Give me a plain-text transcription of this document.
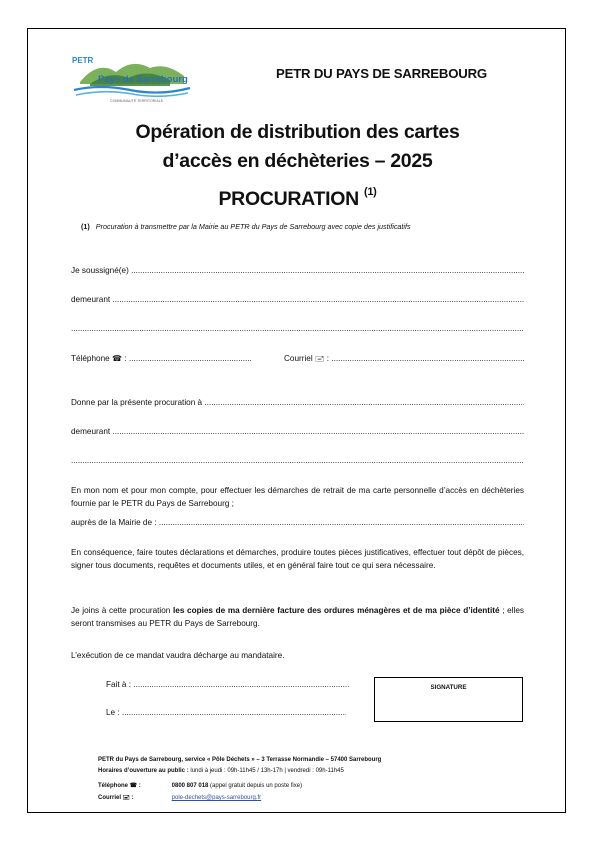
PETR
Pays de Sarrebourg
COMMUNAUTÉ TERRITORIALE
PETR DU PAYS DE SARREBOURG
Opération de distribution des cartes
d’accès en déchèteries – 2025
PROCURATION $^{(1)}$
(1) Procuration à transmettre par la Mairie au PETR du Pays de Sarrebourg avec copie des justificatifs
Je soussigné(e) .....
demeurant .....
.....
Téléphone ☎ : .....	Courriel 🖃 : .....
Donne par la présente procuration à .....
demeurant .....
.....
En mon nom et pour mon compte, pour effectuer les démarches de retrait de ma carte personnelle d’accès en déchèteries fournie par le PETR du Pays de Sarrebourg ;
auprès de la Mairie de : .....
En conséquence, faire toutes déclarations et démarches, produire toutes pièces justificatives, effectuer tout dépôt de pièces, signer tous documents, requêtes et documents utiles, et en général faire tout ce qui sera nécessaire.
Je joins à cette procuration les copies de ma dernière facture des ordures ménagères et de ma pièce d’identité ; elles seront transmises au PETR du Pays de Sarrebourg.
L’exécution de ce mandat vaudra décharge au mandataire.
Fait à : .....
Le : .....
SIGNATURE
PETR du Pays de Sarrebourg, service « Pôle Déchets » – 3 Terrasse Normandie – 57400 Sarrebourg
Horaires d’ouverture au public : lundi à jeudi : 09h-11h45 / 13h-17h | vendredi : 09h-11h45
Téléphone ☎ :	0800 807 018 (appel gratuit depuis un poste fixe)
Courriel 🖃 :	pole-dechets@pays-sarrebourg.fr
